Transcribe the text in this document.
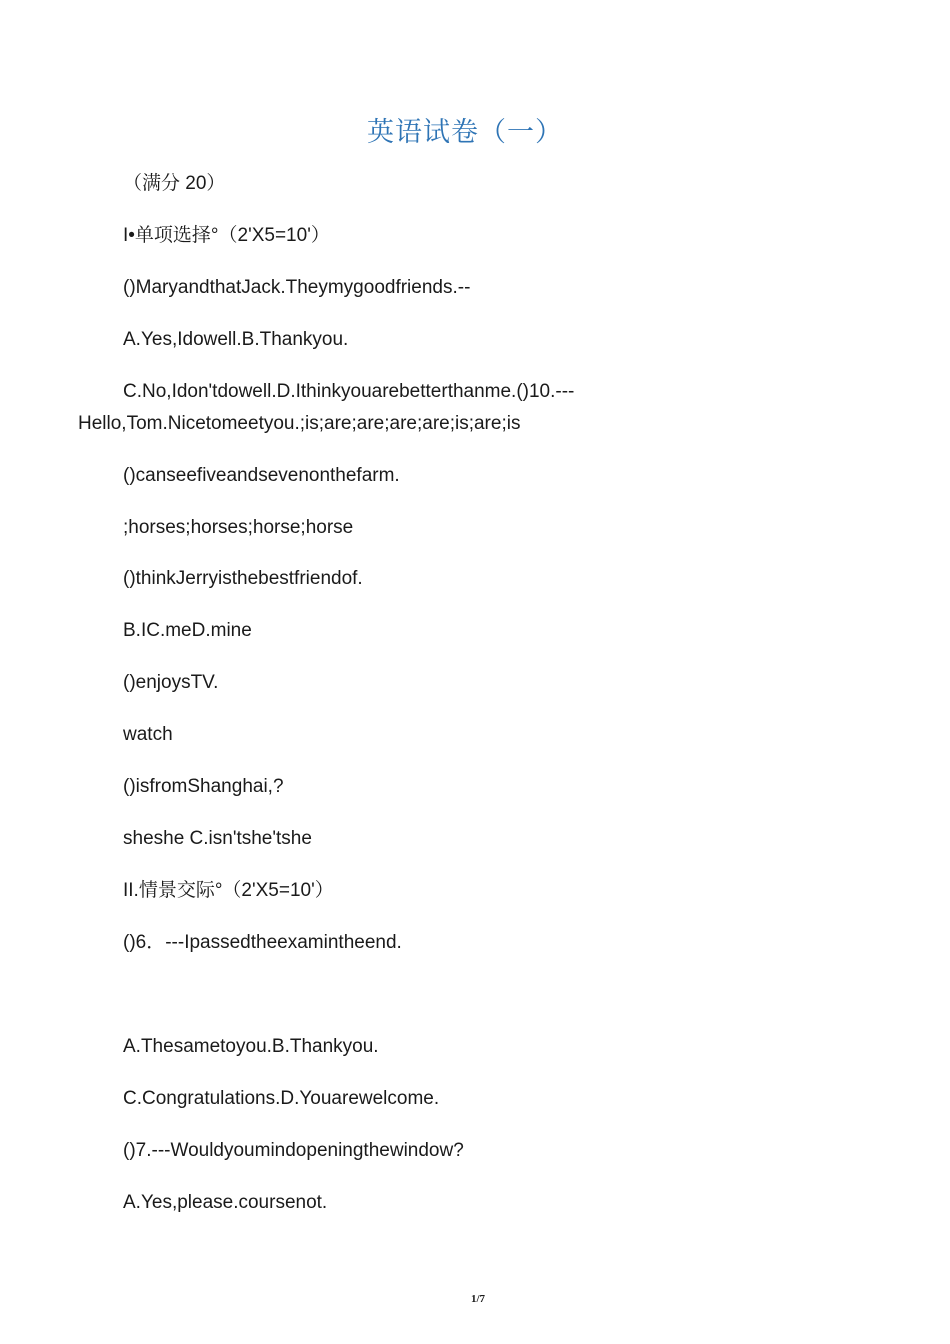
英语试卷（一）
（满分 20）
I•单项选择°（2'X5=10'）
()MaryandthatJack.Theymygoodfriends.--
A.Yes,Idowell.B.Thankyou.
C.No,Idon'tdowell.D.Ithinkyouarebetterthanme.()10.---
Hello,Tom.Nicetomeetyou.;is;are;are;are;are;is;are;is
()canseefiveandsevenonthefarm.
;horses;horses;horse;horse
()thinkJerryisthebestfriendof.
B.IC.meD.mine
()enjoysTV.
watch
()isfromShanghai,?
sheshe C.isn'tshe'tshe
II.情景交际°（2'X5=10'）
()6．---Ipassedtheexamintheend.
A.Thesametoyou.B.Thankyou.
C.Congratulations.D.Youarewelcome.
()7.---Wouldyoumindopeningthewindow?
A.Yes,please.coursenot.
1/7
